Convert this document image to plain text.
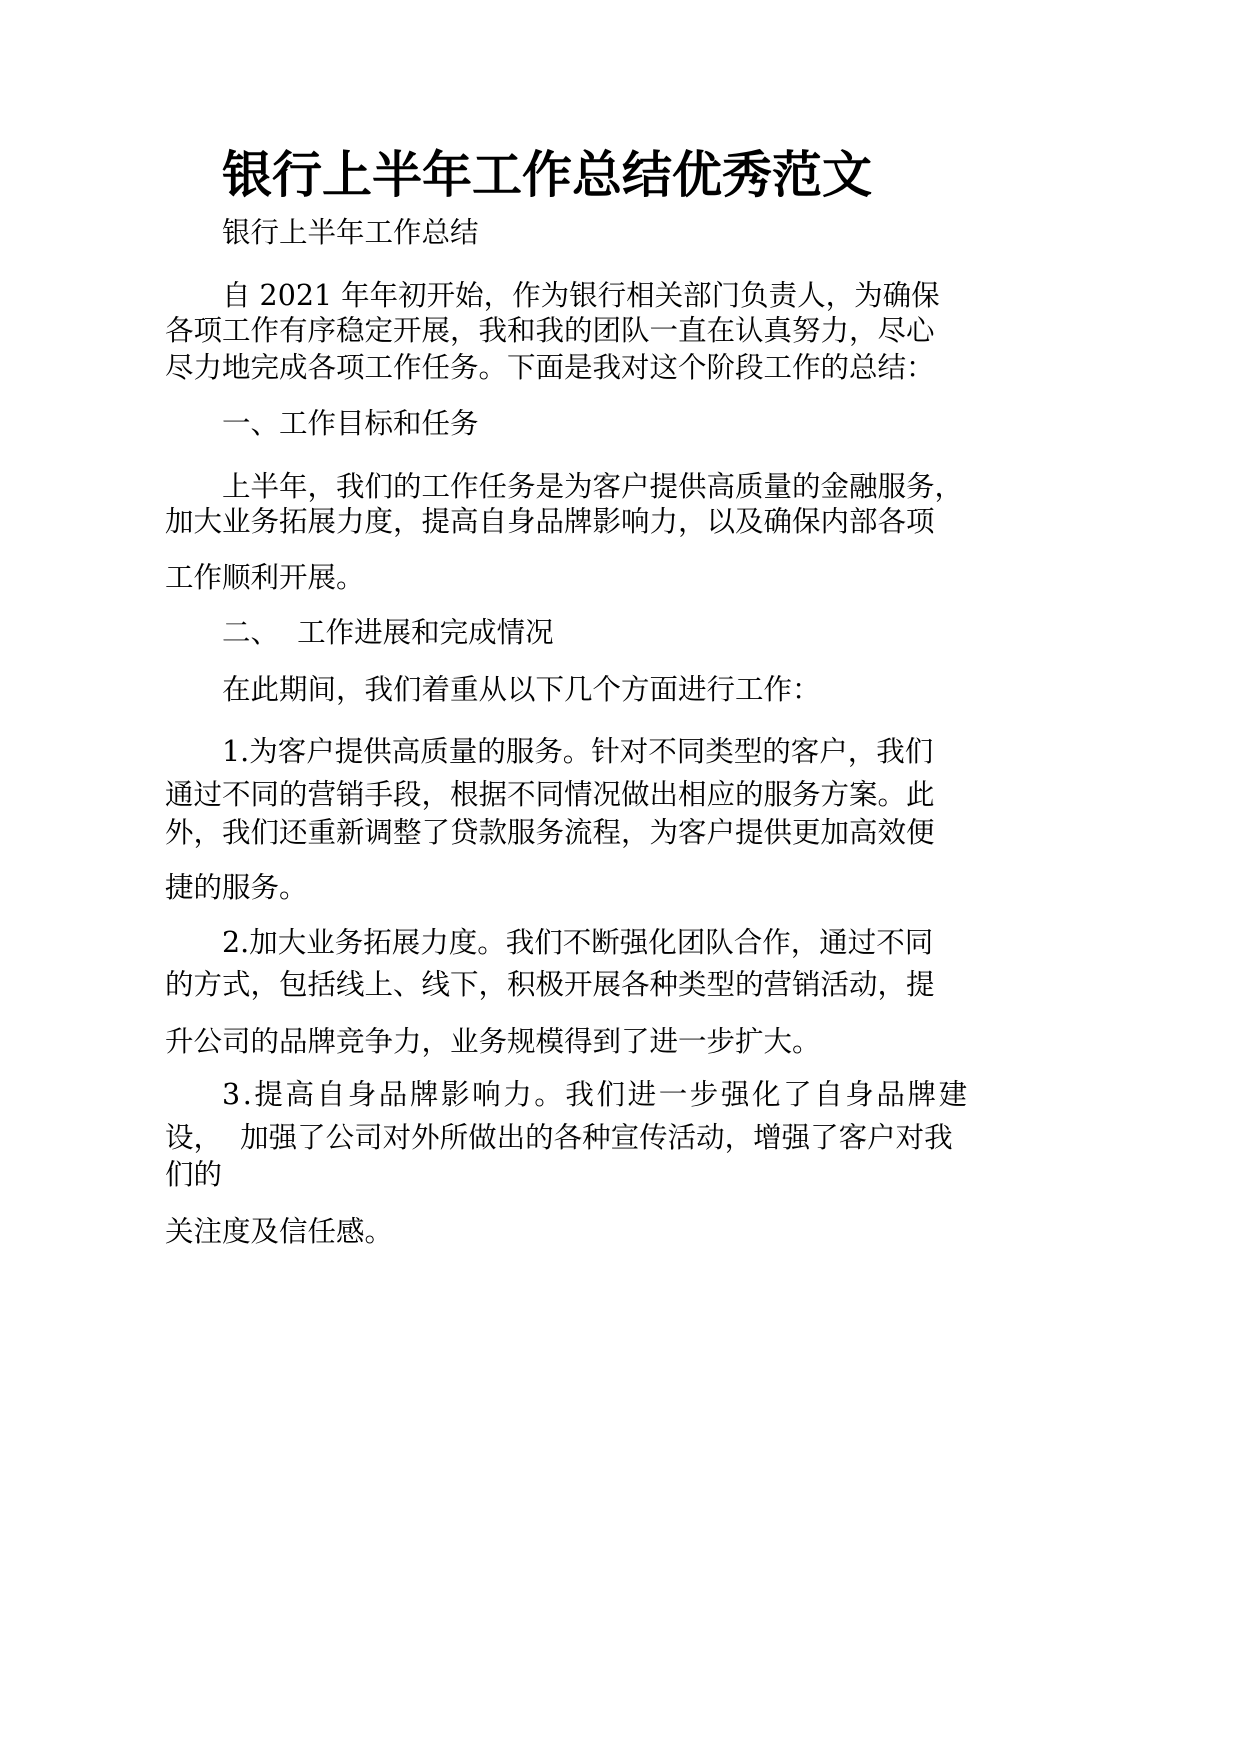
银行上半年工作总结优秀范文
银行上半年工作总结
自 2021 年年初开始，作为银行相关部门负责人，为确保
各项工作有序稳定开展，我和我的团队一直在认真努力，尽心
尽力地完成各项工作任务。下面是我对这个阶段工作的总结：
一、工作目标和任务
上半年，我们的工作任务是为客户提供高质量的金融服务，
加大业务拓展力度，提高自身品牌影响力，以及确保内部各项
工作顺利开展。
二、  工作进展和完成情况
在此期间，我们着重从以下几个方面进行工作：
1.为客户提供高质量的服务。针对不同类型的客户，我们
通过不同的营销手段，根据不同情况做出相应的服务方案。此
外，我们还重新调整了贷款服务流程，为客户提供更加高效便
捷的服务。
2.加大业务拓展力度。我们不断强化团队合作，通过不同
的方式，包括线上、线下，积极开展各种类型的营销活动，提
升公司的品牌竞争力，业务规模得到了进一步扩大。
3.提高自身品牌影响力。我们进一步强化了自身品牌建
设，  加强了公司对外所做出的各种宣传活动，增强了客户对我
们的
关注度及信任感。
